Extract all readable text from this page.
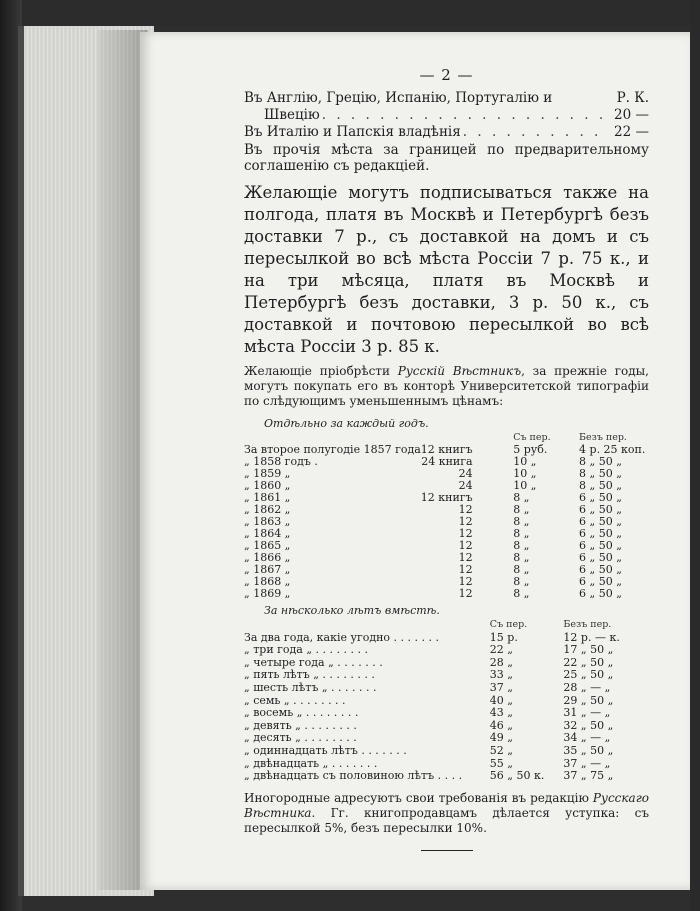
— 2 —
Въ Англію, Грецію, Испанію, Португалію и	Р. К.
Швецію . . .	20 —
Въ Италію и Папскія владѣнія . . .	22 —

Въ прочія мѣста за границей по предварительному соглашенію съ редакціей.

Желающіе могутъ подписываться также на полгода, платя въ Москвѣ и Петербургѣ безъ доставки 7 р., съ доставкой на домъ и съ пересылкой во всѣ мѣста Россіи 7 р. 75 к., и на три мѣсяца, платя въ Москвѣ и Петербургѣ безъ доставки, 3 р. 50 к., съ доставкой и почтовою пересылкой во всѣ мѣста Россіи 3 р. 85 к.

Желающіе пріобрѣсти Русскій Вѣстникъ, за прежніе годы, могутъ покупать его въ конторѣ Университетской типографіи по слѣдующимъ уменьшеннымъ цѣнамъ:

Отдѣльно за каждый годъ.
			Съ пер.	Безъ пер.
За второе полугодіе 1857 года	12 книгъ		5 руб.	4 р. 25 коп.
„ 1858 годъ .	24 книга		10 „	8 „ 50 „
„ 1859 „	24		10 „	8 „ 50 „
„ 1860 „	24		10 „	8 „ 50 „
„ 1861 „	12 книгъ		8 „	6 „ 50 „
„ 1862 „	12		8 „	6 „ 50 „
„ 1863 „	12		8 „	6 „ 50 „
„ 1864 „	12		8 „	6 „ 50 „
„ 1865 „	12		8 „	6 „ 50 „
„ 1866 „	12		8 „	6 „ 50 „
„ 1867 „	12		8 „	6 „ 50 „
„ 1868 „	12		8 „	6 „ 50 „
„ 1869 „	12		8 „	6 „ 50 „
За нѣсколько лѣтъ вмѣстѣ.
	Съ пер.	Безъ пер.
За два года, какіе угодно . . . . . . .	15 р.	12 р. — к.
„ три года „ . . . . . . . .	22 „	17 „ 50 „
„ четыре года „ . . . . . . .	28 „	22 „ 50 „
„ пять лѣтъ „ . . . . . . . .	33 „	25 „ 50 „
„ шесть лѣтъ „ . . . . . . .	37 „	28 „ — „
„ семь „ . . . . . . . .	40 „	29 „ 50 „
„ восемь „ . . . . . . . .	43 „	31 „ — „
„ девять „ . . . . . . . .	46 „	32 „ 50 „
„ десять „ . . . . . . . .	49 „	34 „ — „
„ одиннадцать лѣтъ . . . . . . .	52 „	35 „ 50 „
„ двѣнадцать „ . . . . . . .	55 „	37 „ — „
„ двѣнадцать съ половиною лѣтъ . . . .	56 „ 50 к.	37 „ 75 „

Иногородные адресуютъ свои требованія въ редакцію Русскаго Вѣстника. Гг. книгопродавцамъ дѣлается уступка: съ пересылкой 5%, безъ пересылки 10%.
